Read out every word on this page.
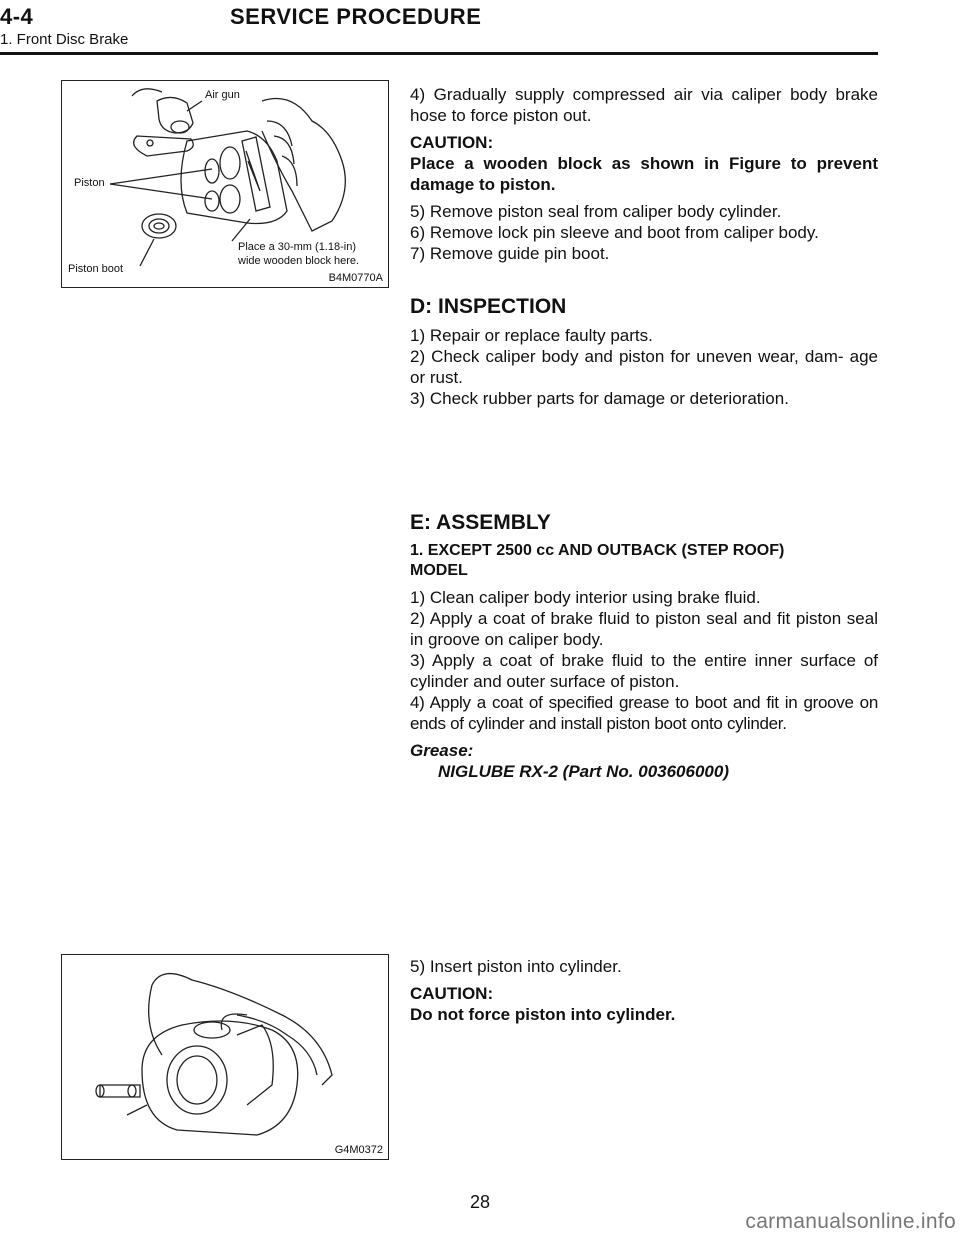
4-4	SERVICE PROCEDURE
1. Front Disc Brake
Air gun
Piston
Piston boot
Place a 30-mm (1.18-in)
wide wooden block here.
B4M0770A
G4M0372

4) Gradually supply compressed air via caliper body brake hose to force piston out.

CAUTION:

Place a wooden block as shown in Figure to prevent damage to piston.

5) Remove piston seal from caliper body cylinder.

6) Remove lock pin sleeve and boot from caliper body.

7) Remove guide pin boot.

D: INSPECTION

1) Repair or replace faulty parts.

2) Check caliper body and piston for uneven wear, dam- age or rust.

3) Check rubber parts for damage or deterioration.

E: ASSEMBLY

1. EXCEPT 2500 cc AND OUTBACK (STEP ROOF)

MODEL

1) Clean caliper body interior using brake fluid.

2) Apply a coat of brake fluid to piston seal and fit piston seal in groove on caliper body.

3) Apply a coat of brake fluid to the entire inner surface of cylinder and outer surface of piston.

4) Apply a coat of specified grease to boot and fit in groove on ends of cylinder and install piston boot onto cylinder.

Grease:

NIGLUBE RX-2 (Part No. 003606000)

5) Insert piston into cylinder.

CAUTION:

Do not force piston into cylinder.

28
carmanualsonline.info
